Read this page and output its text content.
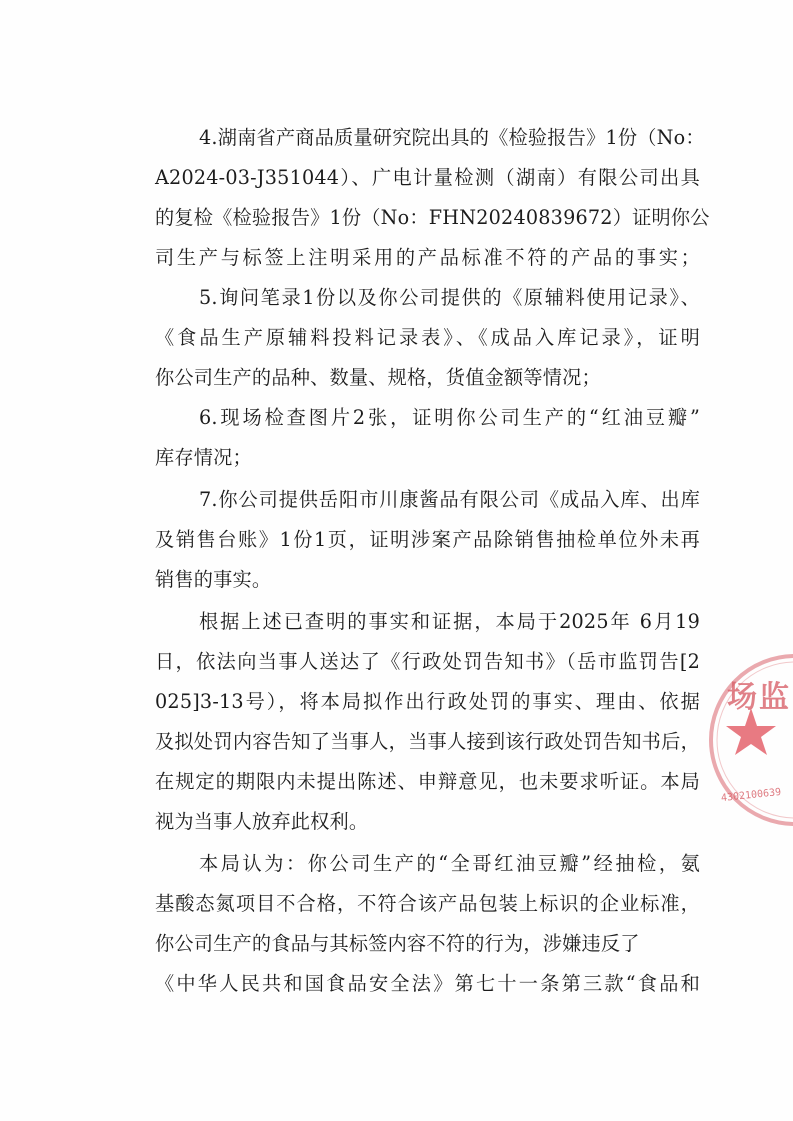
4.湖南省产商品质量研究院出具的《检验报告》1份（No：
A2024-03-J351044）、广电计量检测（湖南）有限公司出具
的复检《检验报告》1份（No：FHN20240839672）证明你公
司生产与标签上注明采用的产品标准不符的产品的事实；
5.询问笔录1份以及你公司提供的《原辅料使用记录》、
《食品生产原辅料投料记录表》、《成品入库记录》，证明
你公司生产的品种、数量、规格，货值金额等情况；
6.现场检查图片2张，证明你公司生产的“红油豆瓣”
库存情况；
7.你公司提供岳阳市川康酱品有限公司《成品入库、出库
及销售台账》1份1页，证明涉案产品除销售抽检单位外未再
销售的事实。
根据上述已查明的事实和证据，本局于2025年 6月19
日，依法向当事人送达了《行政处罚告知书》（岳市监罚告[2
025]3-13号），将本局拟作出行政处罚的事实、理由、依据
及拟处罚内容告知了当事人，当事人接到该行政处罚告知书后，
在规定的期限内未提出陈述、申辩意见，也未要求听证。本局
视为当事人放弃此权利。
本局认为：你公司生产的“全哥红油豆瓣”经抽检，氨
基酸态氮项目不合格，不符合该产品包装上标识的企业标准，
你公司生产的食品与其标签内容不符的行为，涉嫌违反了
《中华人民共和国食品安全法》第七十一条第三款“食品和
场监
4302100639
